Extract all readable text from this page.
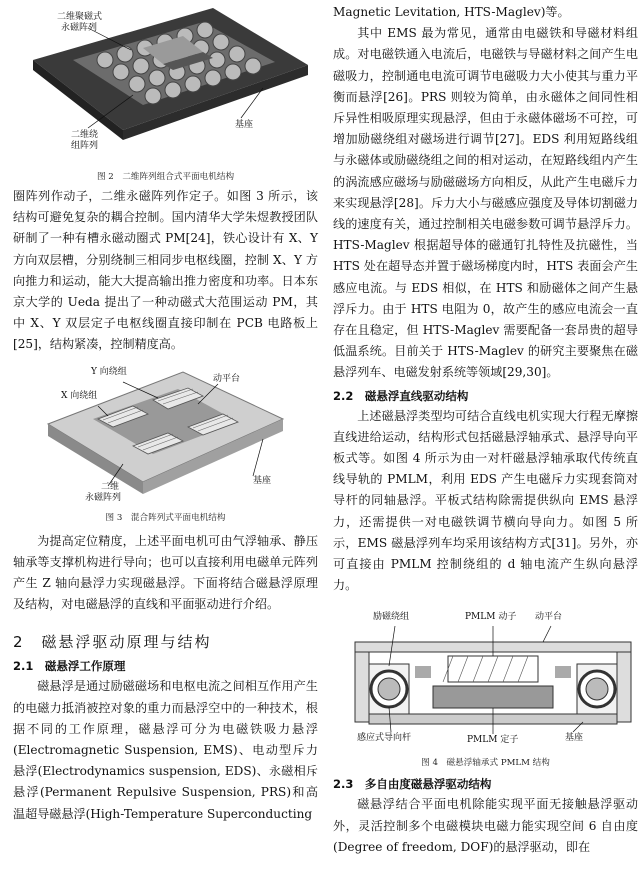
二维聚磁式
永磁阵列
二维绕
组阵列
基座
图 2　二维阵列组合式平面电机结构

圈阵列作动子，二维永磁阵列作定子。如图 3 所示，该结构可避免复杂的耦合控制。国内清华大学朱煜教授团队研制了一种有槽永磁动圈式 PM[24]，铁心设计有 X、Y 方向双层槽，分别绕制三相同步电枢线圈，控制 X、Y 方向推力和运动，能大大提高输出推力密度和功率。日本东京大学的 Ueda 提出了一种动磁式大范围运动 PM，其中 X、Y 双层定子电枢线圈直接印制在 PCB 电路板上[25]，结构紧凑，控制精度高。

Y 向绕组
动平台
X 向绕组
二维
永磁阵列
基座
图 3　混合阵列式平面电机结构

为提高定位精度，上述平面电机可由气浮轴承、静压轴承等支撑机构进行导向；也可以直接利用电磁单元阵列产生 Z 轴向悬浮力实现磁悬浮。下面将结合磁悬浮原理及结构，对电磁悬浮的直线和平面驱动进行介绍。

2　磁悬浮驱动原理与结构
2.1　磁悬浮工作原理

磁悬浮是通过励磁磁场和电枢电流之间相互作用产生的电磁力抵消被控对象的重力而悬浮空中的一种技术，根据不同的工作原理，磁悬浮可分为电磁铁吸力悬浮(Electromagnetic Suspension, EMS)、电动型斥力悬浮(Electrodynamics suspension, EDS)、永磁相斥悬浮(Permanent Repulsive Suspension, PRS)和高温超导磁悬浮(High-Temperature Superconducting

Magnetic Levitation, HTS-Maglev)等。

其中 EMS 最为常见，通常由电磁铁和导磁材料组成。对电磁铁通入电流后，电磁铁与导磁材料之间产生电磁吸力，控制通电电流可调节电磁吸力大小使其与重力平衡而悬浮[26]。PRS 则较为简单，由永磁体之间同性相斥异性相吸原理实现悬浮，但由于永磁体磁场不可控，可增加励磁绕组对磁场进行调节[27]。EDS 利用短路线组与永磁体或励磁绕组之间的相对运动，在短路线组内产生的涡流感应磁场与励磁磁场方向相反，从此产生电磁斥力来实现悬浮[28]。斥力大小与磁感应强度及导体切割磁力线的速度有关，通过控制相关电磁参数可调节悬浮斥力。HTS-Maglev 根据超导体的磁通钉扎特性及抗磁性，当 HTS 处在超导态并置于磁场梯度内时，HTS 表面会产生感应电流。与 EDS 相似，在 HTS 和励磁体之间产生悬浮斥力。由于 HTS 电阻为 0，故产生的感应电流会一直存在且稳定，但 HTS-Maglev 需要配备一套昂贵的超导低温系统。目前关于 HTS-Maglev 的研究主要聚焦在磁悬浮列车、电磁发射系统等领域[29,30]。

2.2　磁悬浮直线驱动结构

上述磁悬浮类型均可结合直线电机实现大行程无摩擦直线进给运动，结构形式包括磁悬浮轴承式、悬浮导向平板式等。如图 4 所示为由一对杆磁悬浮轴承取代传统直线导轨的 PMLM，利用 EDS 产生电磁斥力实现套筒对导杆的同轴悬浮。平板式结构除需提供纵向 EMS 悬浮力，还需提供一对电磁铁调节横向导向力。如图 5 所示，EMS 磁悬浮列车均采用该结构方式[31]。另外，亦可直接由 PMLM 控制绕组的 d 轴电流产生纵向悬浮力。

励磁绕组	PMLM 动子 动平台
感应式导向杆	PMLM 定子	基座
图 4　磁悬浮轴承式 PMLM 结构
2.3　多自由度磁悬浮驱动结构

磁悬浮结合平面电机除能实现平面无接触悬浮驱动外，灵活控制多个电磁模块电磁力能实现空间 6 自由度(Degree of freedom, DOF)的悬浮驱动，即在
